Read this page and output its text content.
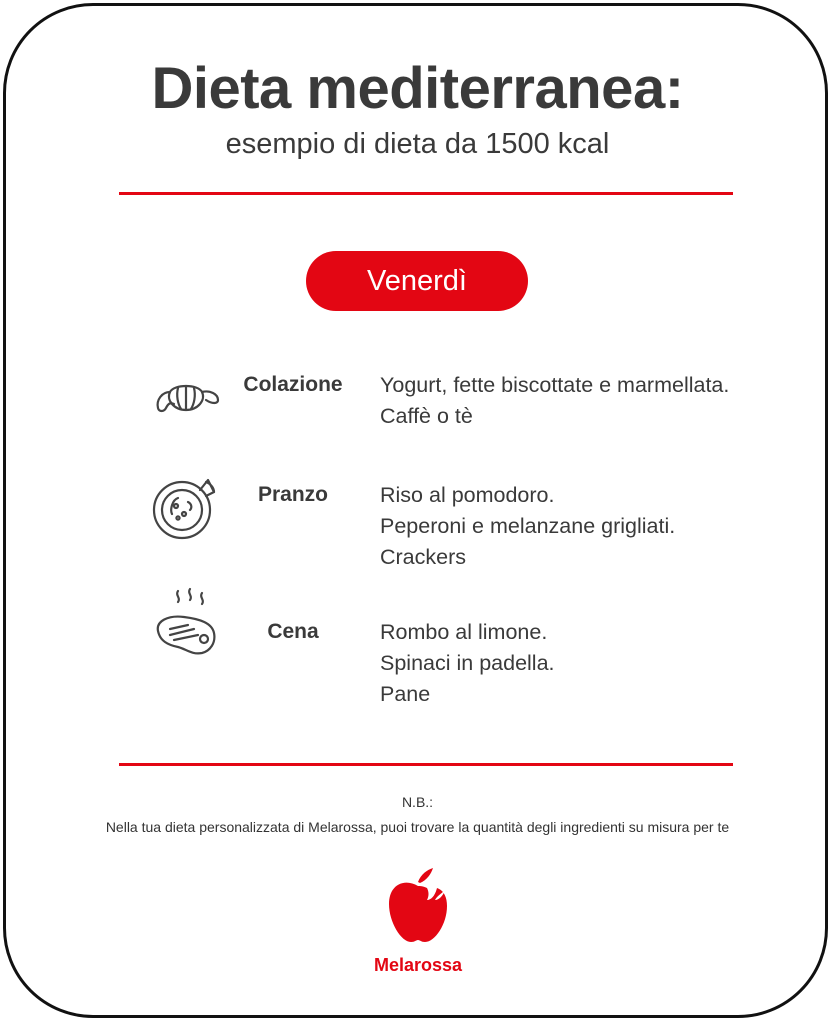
Dieta mediterranea:
esempio di dieta da 1500 kcal
Venerdì
Colazione	Yogurt, fette biscottate e marmellata.
Caffè o tè
Pranzo	Riso al pomodoro.
Peperoni e melanzane grigliati.
Crackers
Cena	Rombo al limone.
Spinaci in padella.
Pane
N.B.:
Nella tua dieta personalizzata di Melarossa, puoi trovare la quantità degli ingredienti su misura per te
Melarossa
